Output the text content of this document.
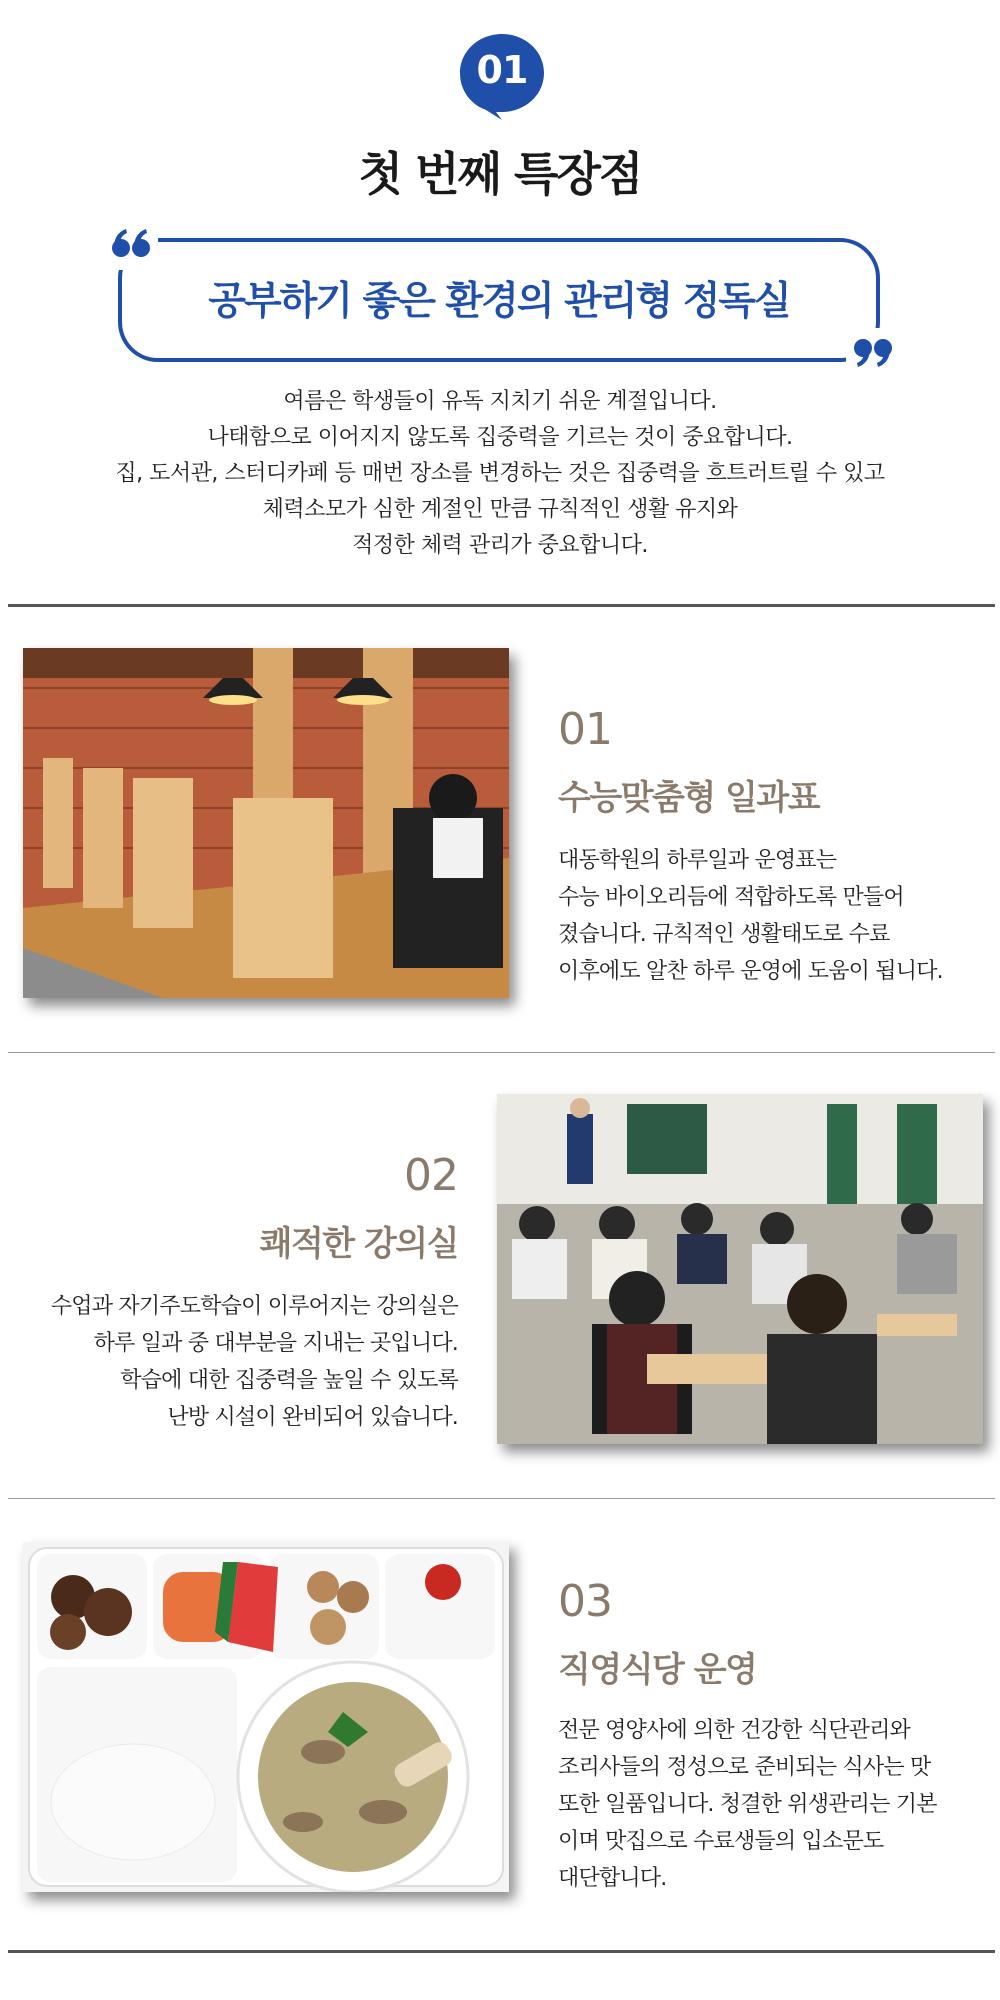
01
첫 번째 특장점
공부하기 좋은 환경의 관리형 정독실
여름은 학생들이 유독 지치기 쉬운 계절입니다.
나태함으로 이어지지 않도록 집중력을 기르는 것이 중요합니다.
집, 도서관, 스터디카페 등 매번 장소를 변경하는 것은 집중력을 흐트러트릴 수 있고
체력소모가 심한 계절인 만큼 규칙적인 생활 유지와
적정한 체력 관리가 중요합니다.
01
수능맞춤형 일과표
대동학원의 하루일과 운영표는
수능 바이오리듬에 적합하도록 만들어
졌습니다. 규칙적인 생활태도로 수료
이후에도 알찬 하루 운영에 도움이 됩니다.
02
쾌적한 강의실
수업과 자기주도학습이 이루어지는 강의실은
하루 일과 중 대부분을 지내는 곳입니다.
학습에 대한 집중력을 높일 수 있도록
난방 시설이 완비되어 있습니다.
03
직영식당 운영
전문 영양사에 의한 건강한 식단관리와
조리사들의 정성으로 준비되는 식사는 맛
또한 일품입니다. 청결한 위생관리는 기본
이며 맛집으로 수료생들의 입소문도
대단합니다.
